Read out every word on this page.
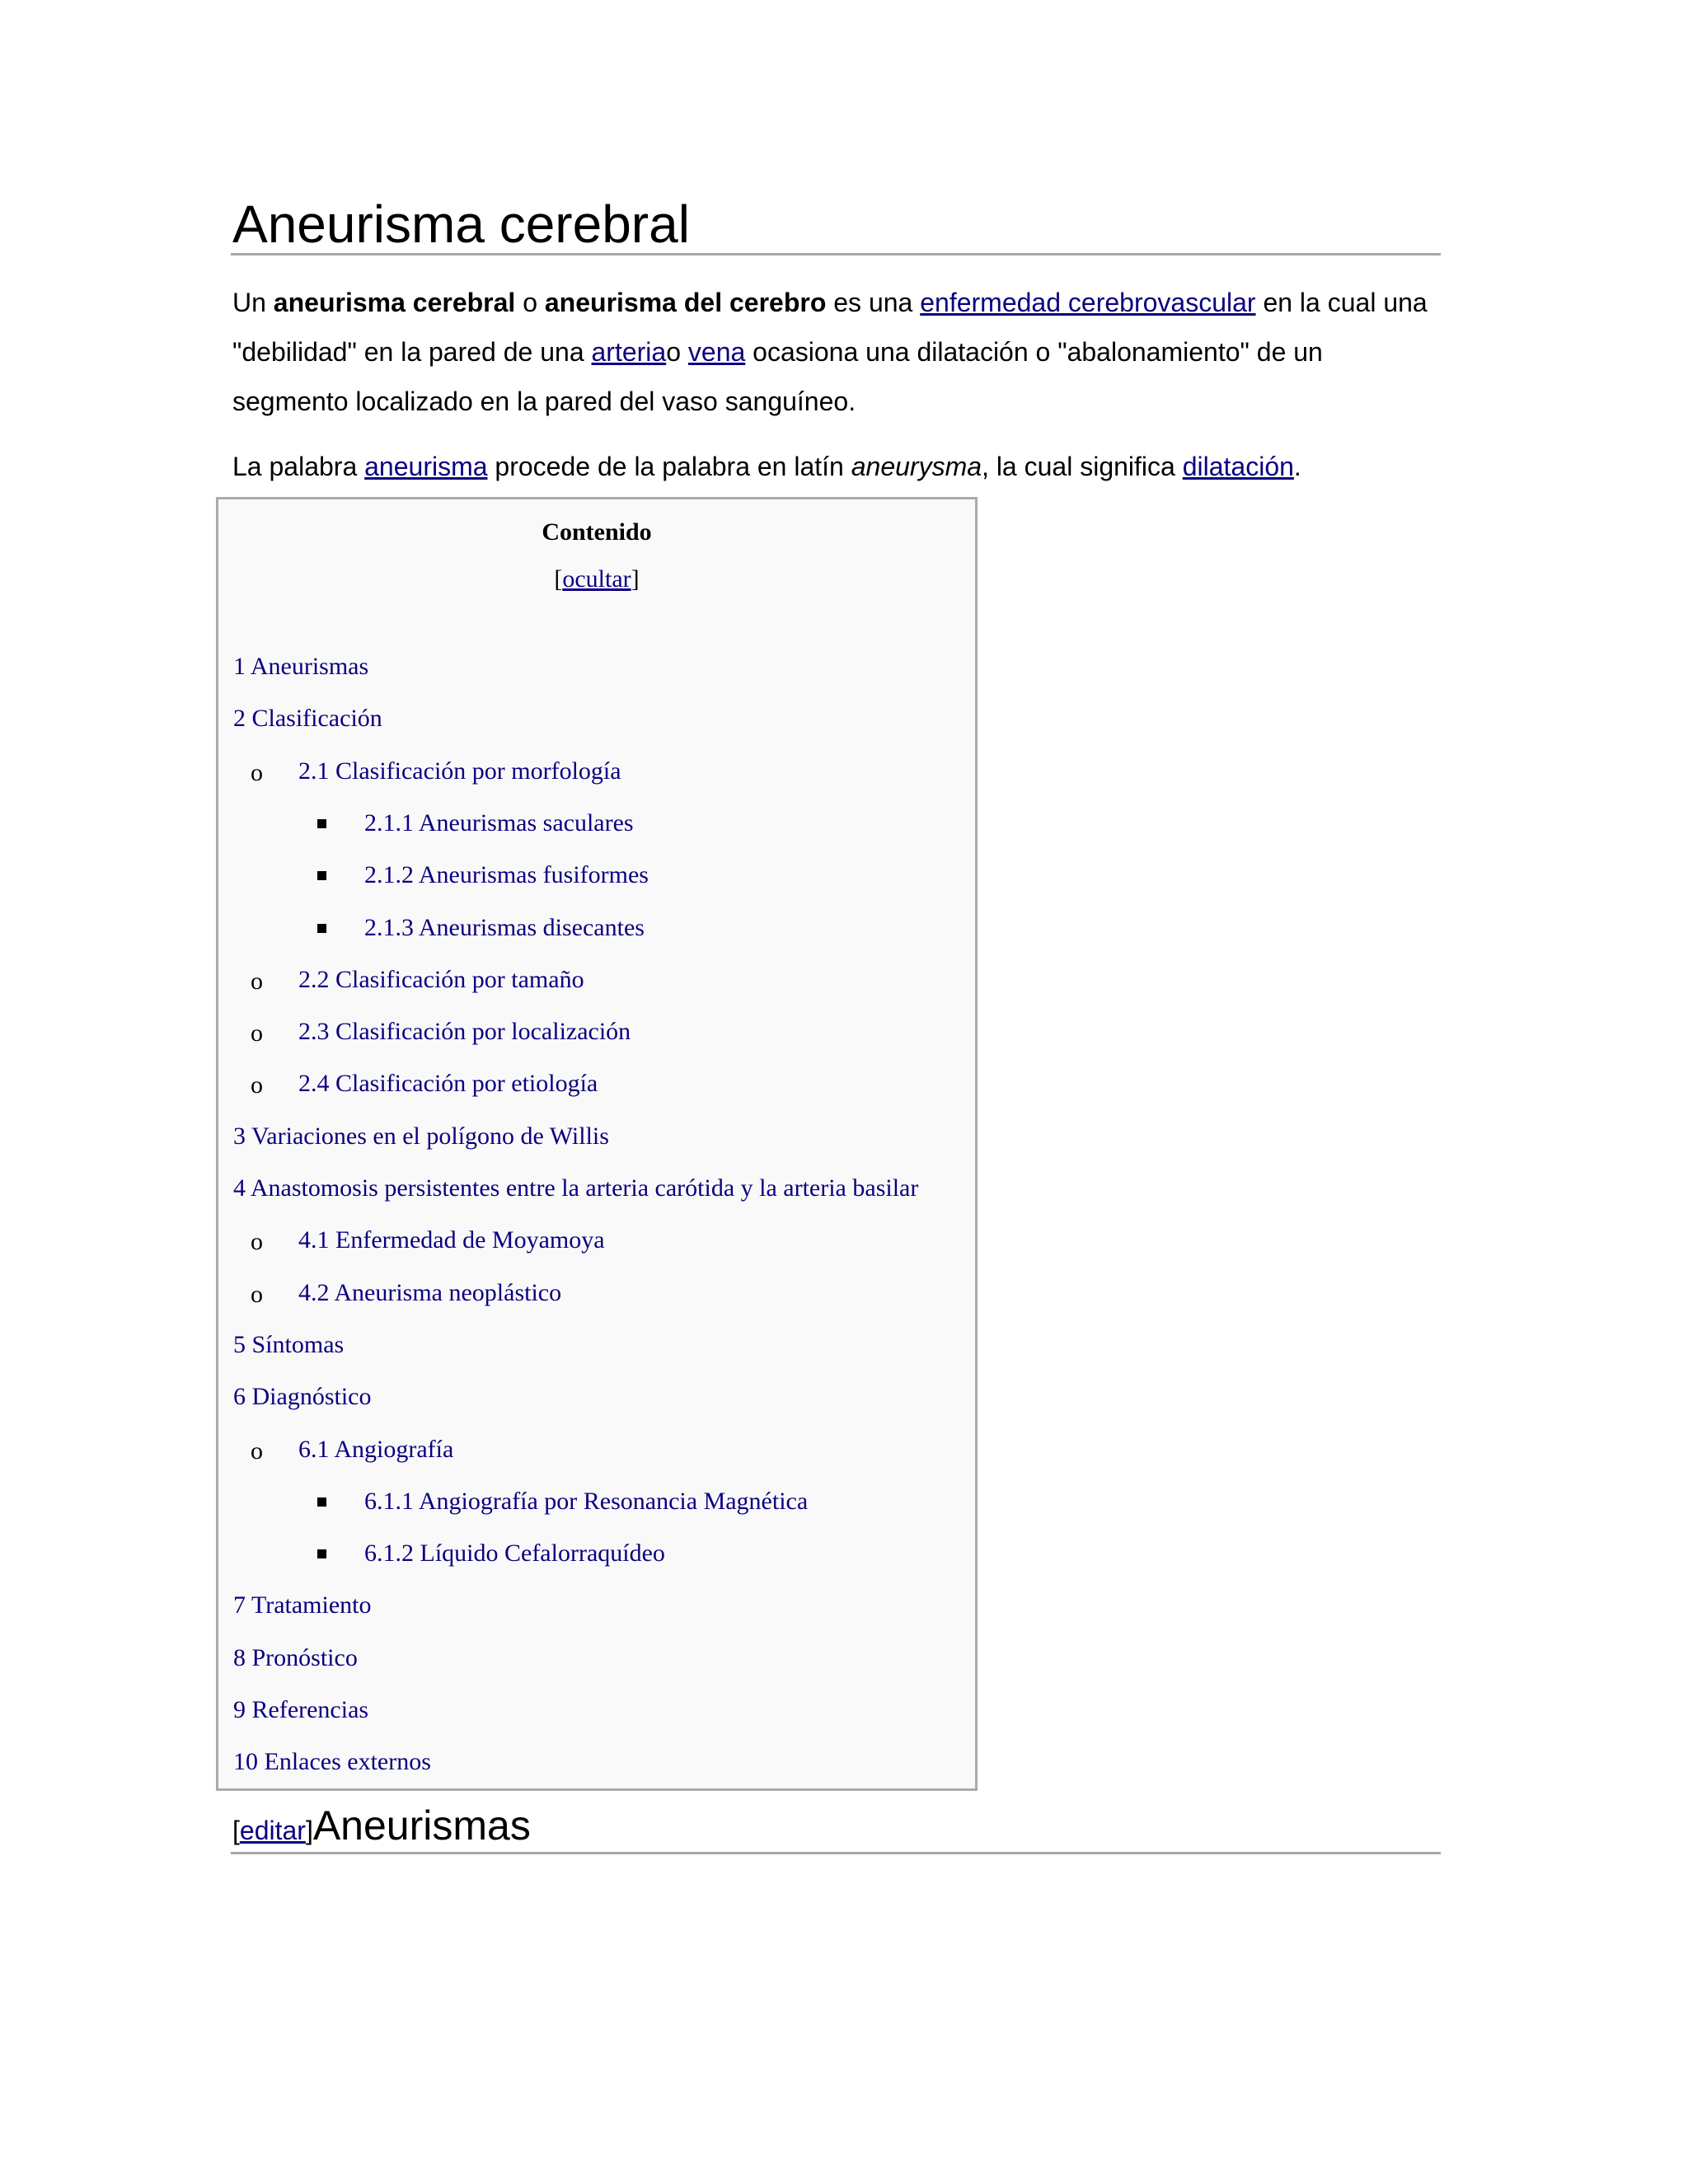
Aneurisma cerebral
Un aneurisma cerebral o aneurisma del cerebro es una enfermedad cerebrovascular en la cual una "debilidad" en la pared de una arteriao vena ocasiona una dilatación o "abalonamiento" de un segmento localizado en la pared del vaso sanguíneo.
La palabra aneurisma procede de la palabra en latín aneurysma, la cual significa dilatación.
Contenido
[ocultar]
1 Aneurismas
2 Clasificación
2.1 Clasificación por morfología
o
2.1.1 Aneurismas saculares
2.1.2 Aneurismas fusiformes
2.1.3 Aneurismas disecantes
2.2 Clasificación por tamaño
o
2.3 Clasificación por localización
o
2.4 Clasificación por etiología
o
3 Variaciones en el polígono de Willis
4 Anastomosis persistentes entre la arteria carótida y la arteria basilar
4.1 Enfermedad de Moyamoya
o
4.2 Aneurisma neoplástico
o
5 Síntomas
6 Diagnóstico
6.1 Angiografía
o
6.1.1 Angiografía por Resonancia Magnética
6.1.2 Líquido Cefalorraquídeo
7 Tratamiento
8 Pronóstico
9 Referencias
10 Enlaces externos
[editar]Aneurismas
